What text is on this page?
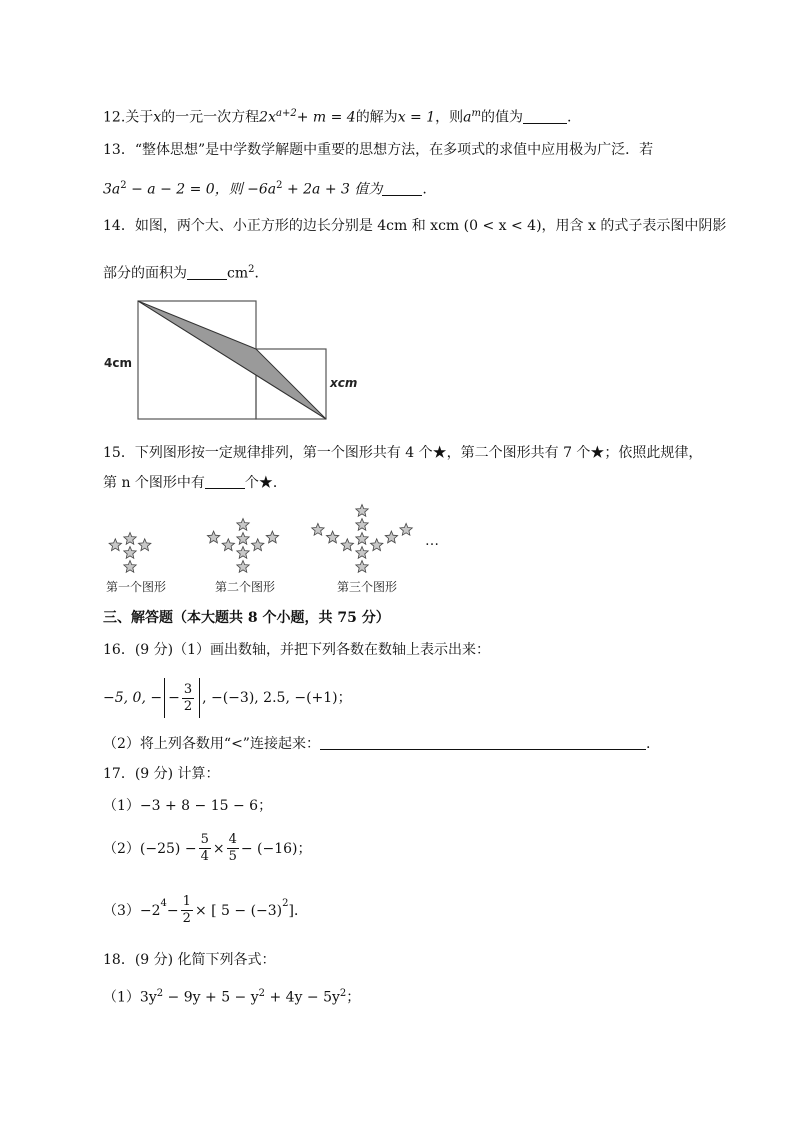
12.关于x的一元一次方程$2x^{a+2}+ m = 4$的解为x = 1，则$a^m$的值为	.
13．“整体思想”是中学数学解题中重要的思想方法，在多项式的求值中应用极为广泛．若
$3a^2 - a - 2 = 0$，则 $-6a^2 + 2a + 3$ 值为	.
14．如图，两个大、小正方形的边长分别是 4cm 和 xcm (0 < x < 4)，用含 x 的式子表示图中阴影
部分的面积为	$cm^2$．
4cm
xcm
15．下列图形按一定规律排列，第一个图形共有 4 个★，第二个图形共有 7 个★；依照此规律，
第 n 个图形中有	个★．
第一个图形	第二个图形	第三个图形
…
三、解答题（本大题共 8 个小题，共 75 分）
16．(9 分)（1）画出数轴，并把下列各数在数轴上表示出来：
−5, 0, − − $\frac{3}{2}$ , −(−3), 2.5, −(+1)；
（2）将上列各数用“<”连接起来：	.
17．(9 分) 计算：
（1）−3 + 8 − 15 − 6；
$(2)(-25) - \frac{5}{4} \times \frac{4}{5} - (-16)$；
$(3)-2^4 - \frac{1}{2}$ × [ $5 - (-3)^2$ ]．
18．(9 分) 化简下列各式：
$(1)3y^2 - 9y + 5 - y^2 + 4y - 5y^2$；
